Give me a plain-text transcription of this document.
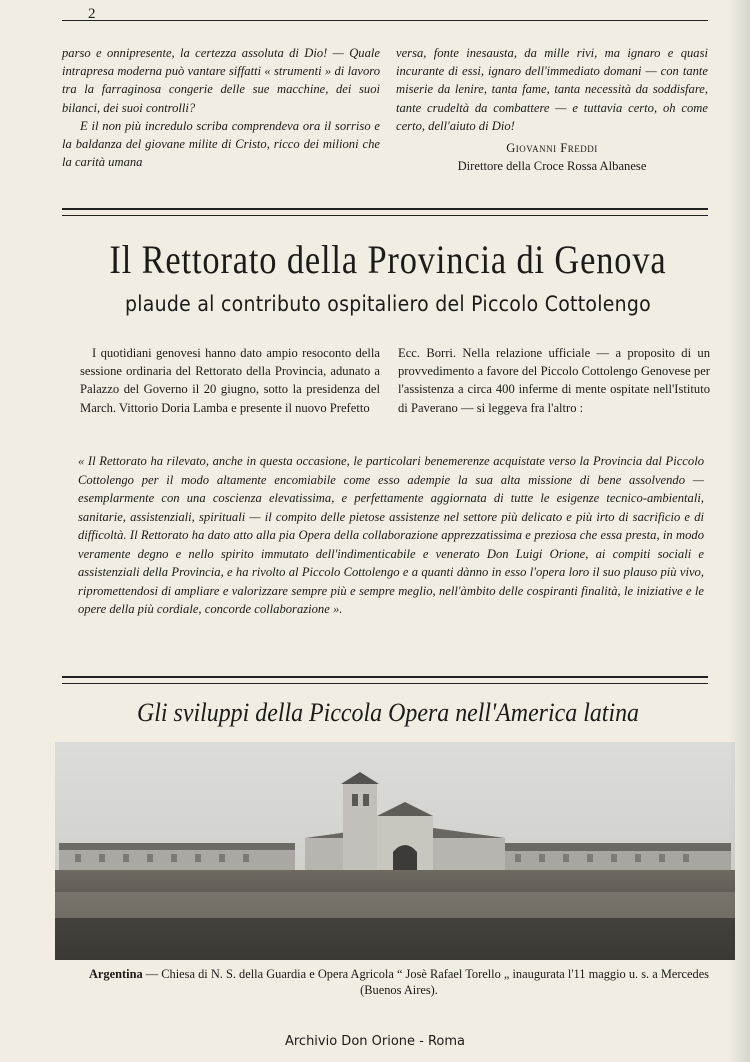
2

parso e onnipresente, la certezza assoluta di Dio! — Quale intrapresa moderna può vantare siffatti « strumenti » di lavoro tra la farraginosa congerie delle sue macchine, dei suoi bilanci, dei suoi controlli?

E il non più incredulo scriba comprendeva ora il sorriso e la baldanza del giovane milite di Cristo, ricco dei milioni che la carità umana

versa, fonte inesausta, da mille rivi, ma ignaro e quasi incurante di essi, ignaro dell'immediato domani — con tante miserie da lenire, tanta fame, tanta necessità da soddisfare, tante crudeltà da combattere — e tuttavia certo, oh come certo, dell'aiuto di Dio!

Giovanni Freddi
Direttore della Croce Rossa Albanese
Il Rettorato della Provincia di Genova
plaude al contributo ospitaliero del Piccolo Cottolengo
I quotidiani genovesi hanno dato ampio resoconto della sessione ordinaria del Rettorato della Provincia, adunato a Palazzo del Governo il 20 giugno, sotto la presidenza del March. Vittorio Doria Lamba e presente il nuovo Prefetto
Ecc. Borri. Nella relazione ufficiale — a proposito di un provvedimento a favore del Piccolo Cottolengo Genovese per l'assistenza a circa 400 inferme di mente ospitate nell'Istituto di Paverano — si leggeva fra l'altro :
« Il Rettorato ha rilevato, anche in questa occasione, le particolari benemerenze acquistate verso la Provincia dal Piccolo Cottolengo per il modo altamente encomiabile come esso adempie la sua alta missione di bene assolvendo — esemplarmente con una coscienza elevatissima, e perfettamente aggiornata di tutte le esigenze tecnico-ambientali, sanitarie, assistenziali, spirituali — il compito delle pietose assistenze nel settore più delicato e più irto di sacrificio e di difficoltà. Il Rettorato ha dato atto alla pia Opera della collaborazione apprezzatissima e preziosa che essa presta, in modo veramente degno e nello spirito immutato dell'indimenticabile e venerato Don Luigi Orione, ai compiti sociali e assistenziali della Provincia, e ha rivolto al Piccolo Cottolengo e a quanti dànno in esso l'opera loro il suo plauso più vivo, ripromettendosi di ampliare e valorizzare sempre più e sempre meglio, nell'àmbito delle cospiranti finalità, le iniziative e le opere della più cordiale, concorde collaborazione ».
Gli sviluppi della Piccola Opera nell'America latina
Argentina — Chiesa di N. S. della Guardia e Opera Agricola “ Josè Rafael Torello „ inaugurata l'11 maggio u. s. a Mercedes (Buenos Aires).
Archivio Don Orione - Roma
